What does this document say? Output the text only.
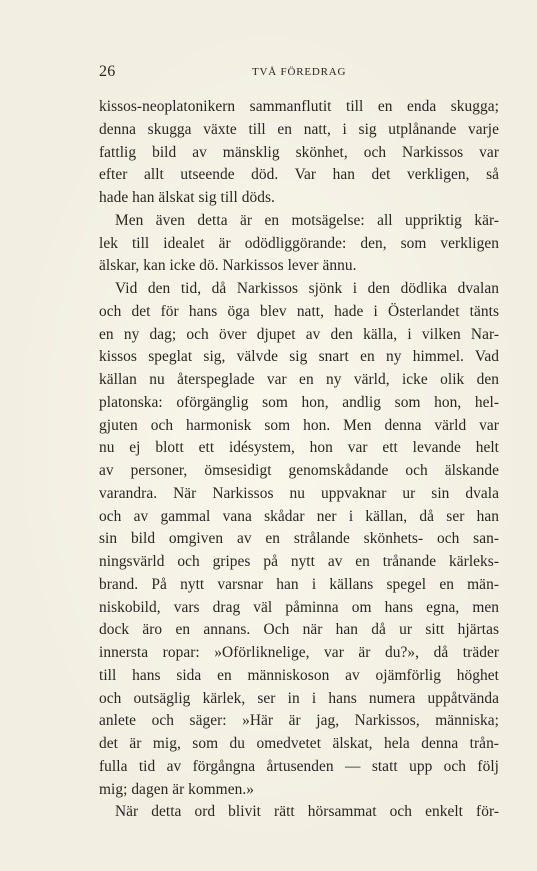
26	TVÅ FÖREDRAG
kissos-neoplatonikern sammanflutit till en enda skugga;
denna skugga växte till en natt, i sig utplånande varje
fattlig bild av mänsklig skönhet, och Narkissos var
efter allt utseende död. Var han det verkligen, så
hade han älskat sig till döds.
Men även detta är en motsägelse: all uppriktig kär-
lek till idealet är odödliggörande: den, som verkligen
älskar, kan icke dö. Narkissos lever ännu.
Vid den tid, då Narkissos sjönk i den dödlika dvalan
och det för hans öga blev natt, hade i Österlandet tänts
en ny dag; och över djupet av den källa, i vilken Nar-
kissos speglat sig, välvde sig snart en ny himmel. Vad
källan nu återspeglade var en ny värld, icke olik den
platonska: oförgänglig som hon, andlig som hon, hel-
gjuten och harmonisk som hon. Men denna värld var
nu ej blott ett idésystem, hon var ett levande helt
av personer, ömsesidigt genomskådande och älskande
varandra. När Narkissos nu uppvaknar ur sin dvala
och av gammal vana skådar ner i källan, då ser han
sin bild omgiven av en strålande skönhets- och san-
ningsvärld och gripes på nytt av en trånande kärleks-
brand. På nytt varsnar han i källans spegel en män-
niskobild, vars drag väl påminna om hans egna, men
dock äro en annans. Och när han då ur sitt hjärtas
innersta ropar: »Oförliknelige, var är du?», då träder
till hans sida en människoson av ojämförlig höghet
och outsäglig kärlek, ser in i hans numera uppåtvända
anlete och säger: »Här är jag, Narkissos, människa;
det är mig, som du omedvetet älskat, hela denna trån-
fulla tid av förgångna årtusenden — statt upp och följ
mig; dagen är kommen.»
När detta ord blivit rätt hörsammat och enkelt för-
